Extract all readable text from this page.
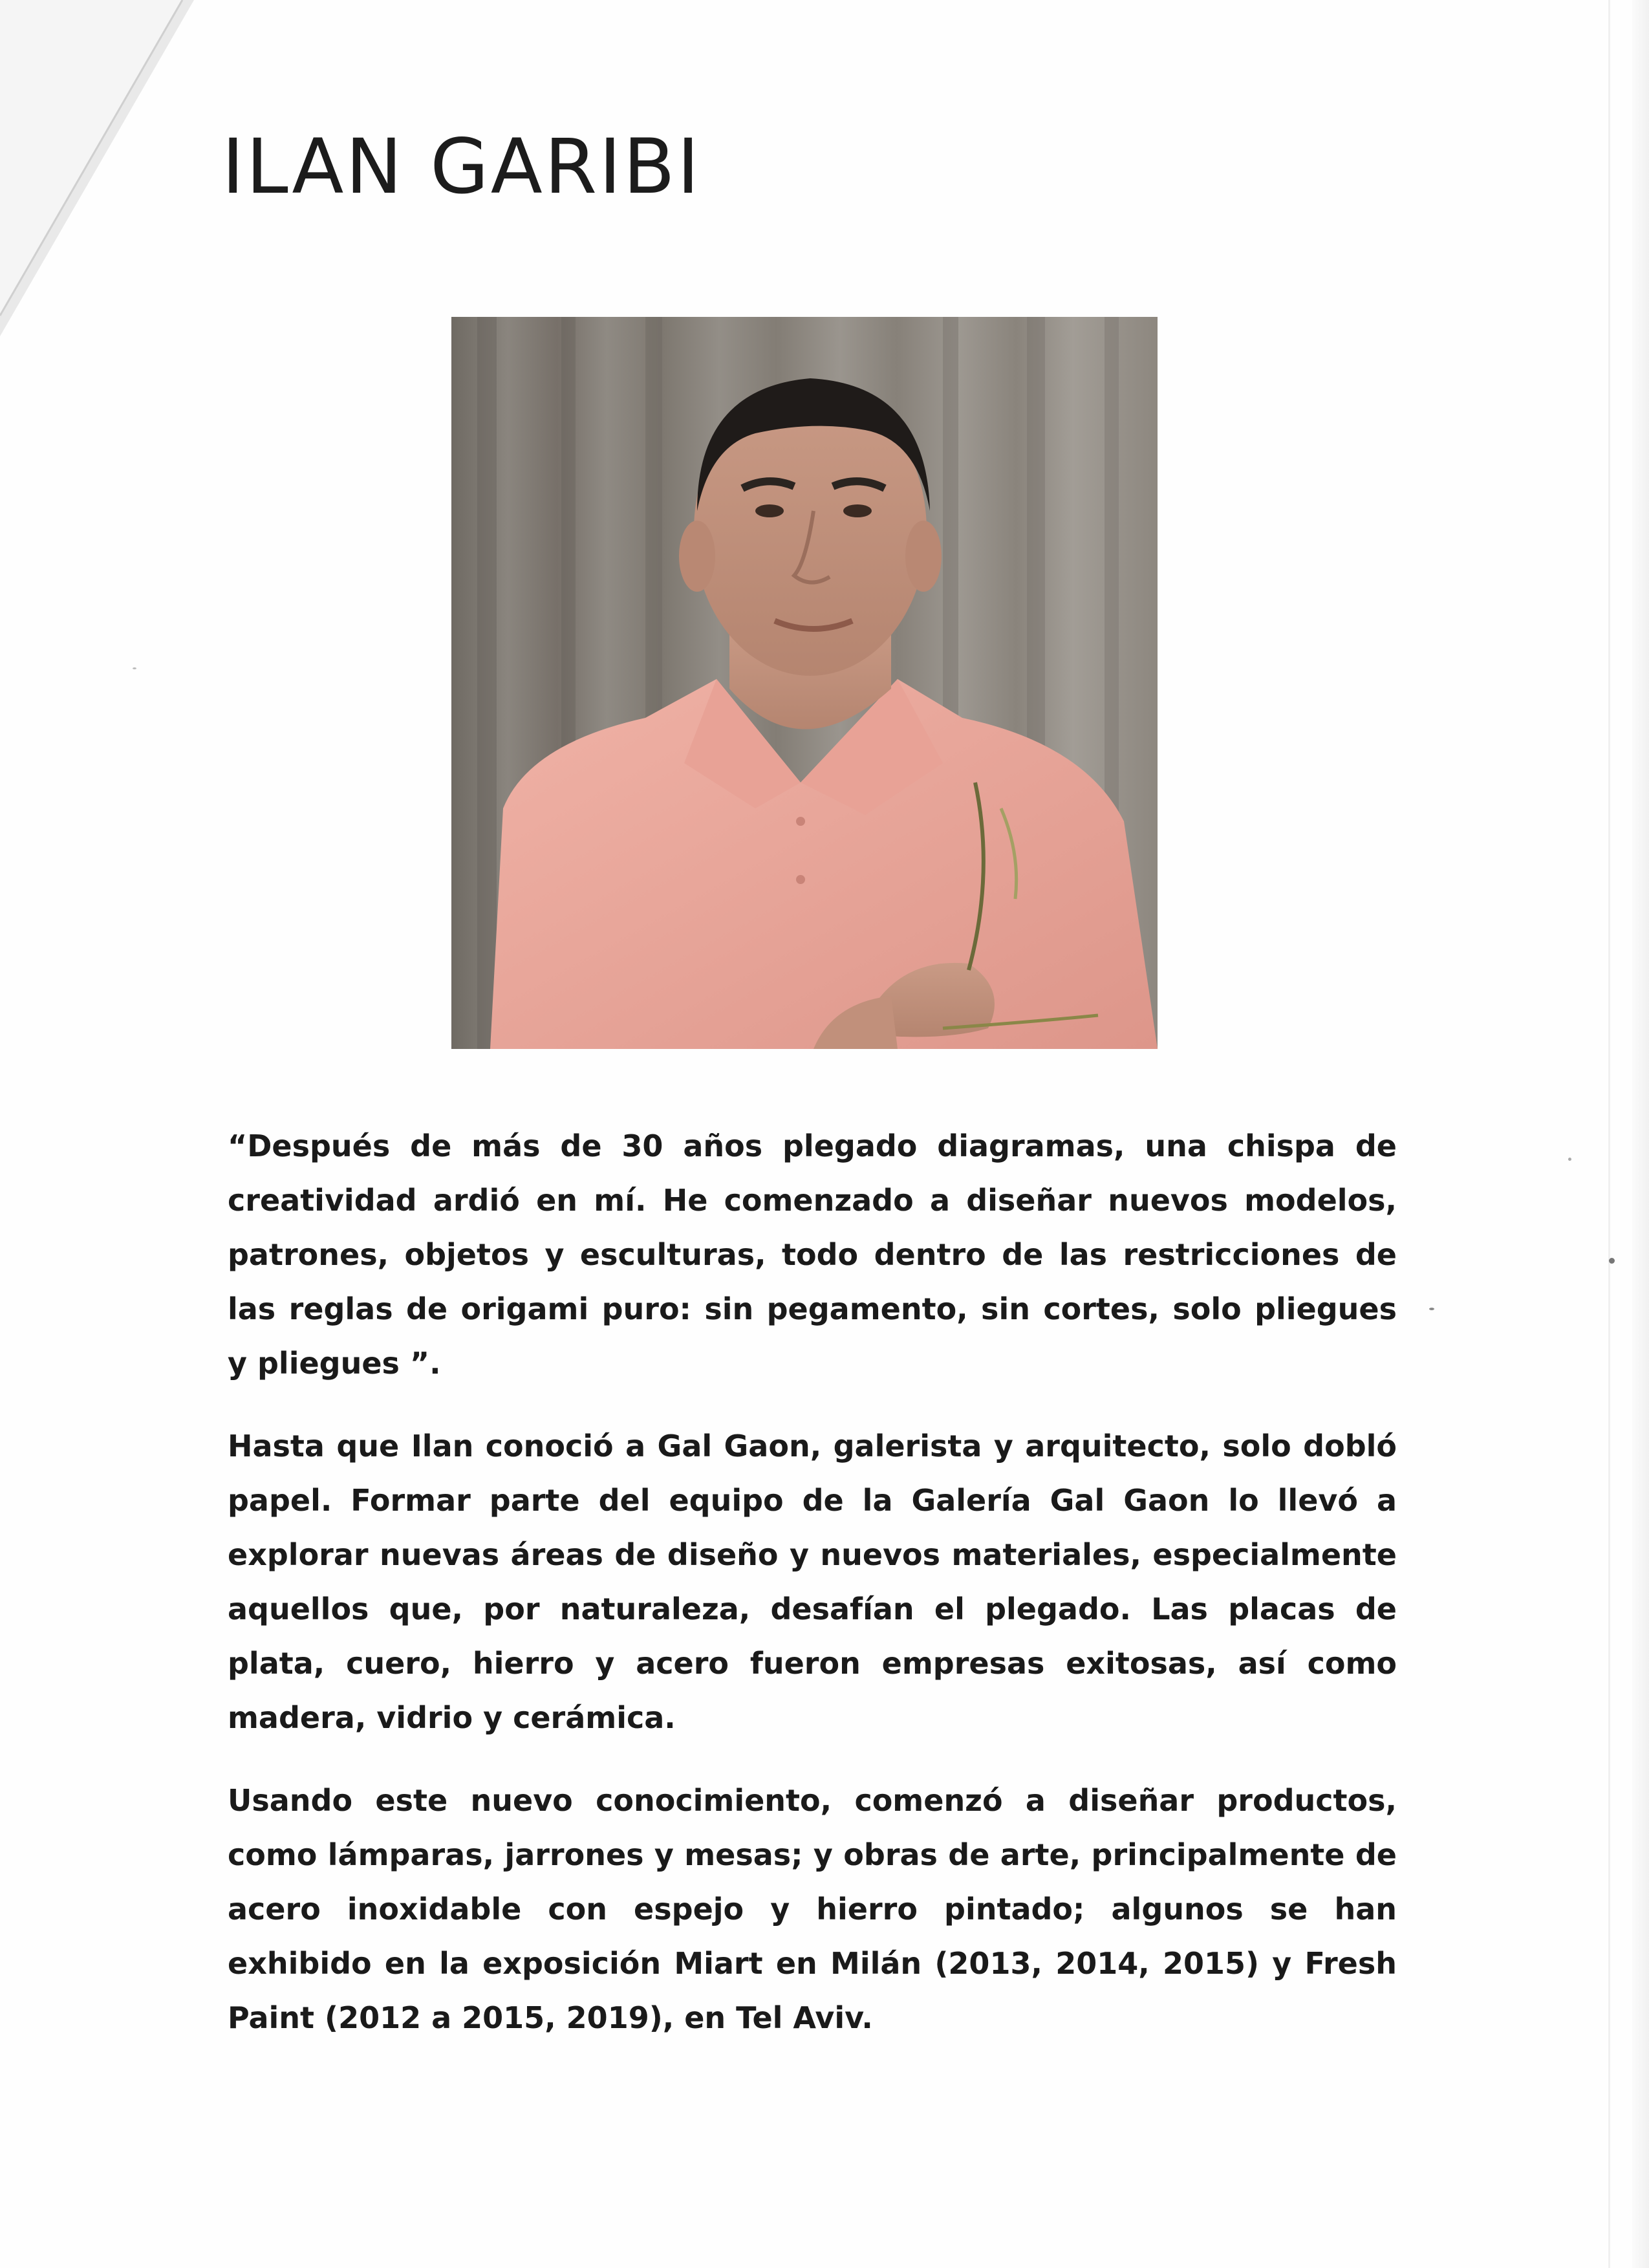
ILAN GARIBI

“Después de más de 30 años plegado diagramas, una chispa de creatividad ardió en mí. He comenzado a diseñar nuevos modelos, patrones, objetos y esculturas, todo dentro de las restricciones de las reglas de origami puro: sin pegamento, sin cortes, solo pliegues y pliegues ”.

Hasta que Ilan conoció a Gal Gaon, galerista y arquitecto, solo dobló papel. Formar parte del equipo de la Galería Gal Gaon lo llevó a explorar nuevas áreas de diseño y nuevos materiales, especialmente aquellos que, por naturaleza, desafían el plegado. Las placas de plata, cuero, hierro y acero fueron empresas exitosas, así como madera, vidrio y cerámica.

Usando este nuevo conocimiento, comenzó a diseñar productos, como lámparas, jarrones y mesas; y obras de arte, principalmente de acero inoxidable con espejo y hierro pintado; algunos se han exhibido en la exposición Miart en Milán (2013, 2014, 2015) y Fresh Paint (2012 a 2015, 2019), en Tel Aviv.
